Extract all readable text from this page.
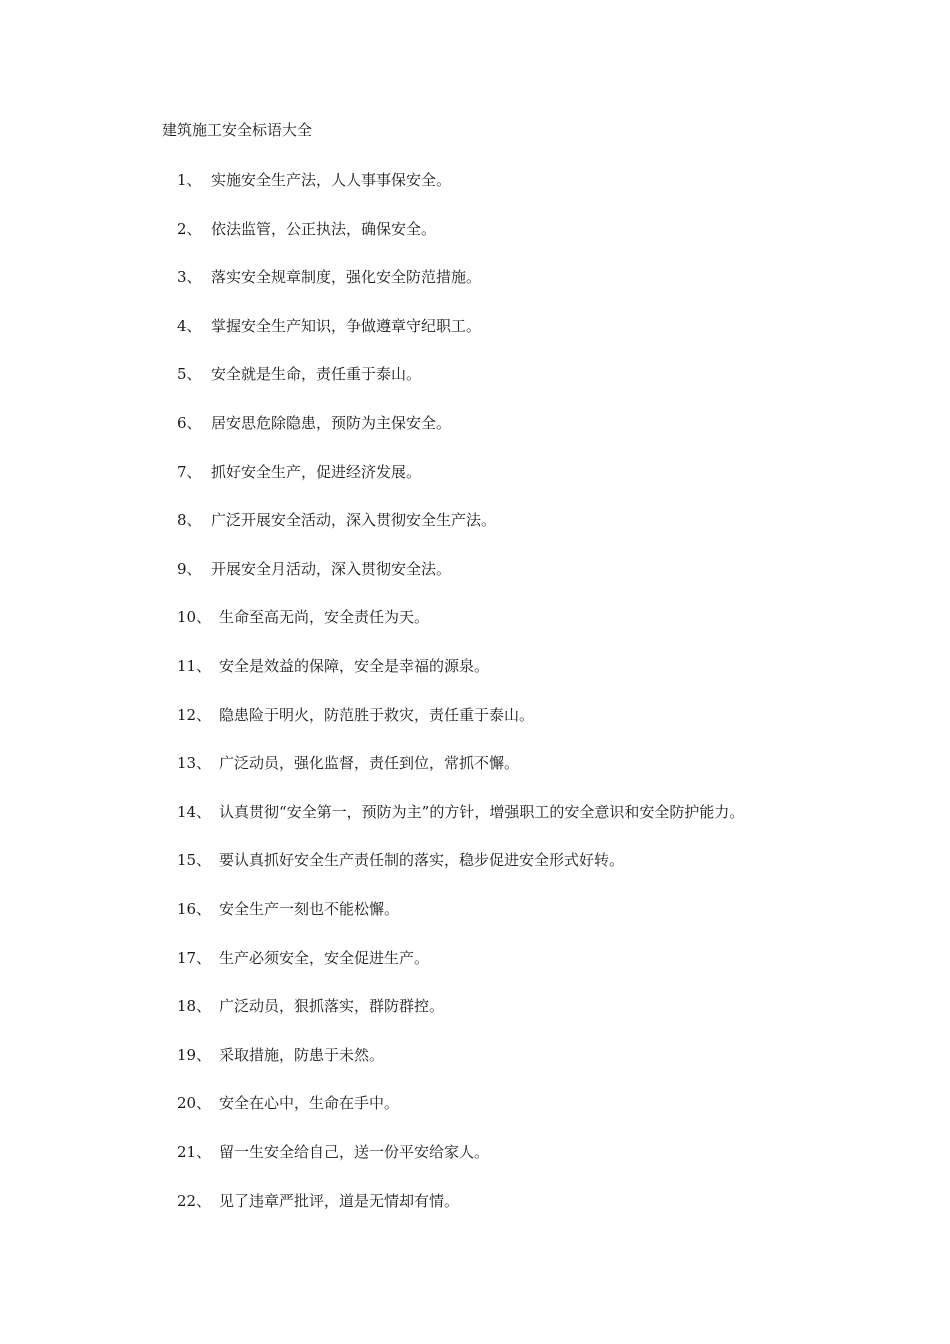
建筑施工安全标语大全
1、 实施安全生产法，人人事事保安全。
2、 依法监管，公正执法，确保安全。
3、 落实安全规章制度，强化安全防范措施。
4、 掌握安全生产知识，争做遵章守纪职工。
5、 安全就是生命，责任重于泰山。
6、 居安思危除隐患，预防为主保安全。
7、 抓好安全生产，促进经济发展。
8、 广泛开展安全活动，深入贯彻安全生产法。
9、 开展安全月活动，深入贯彻安全法。
10、 生命至高无尚，安全责任为天。
11、 安全是效益的保障，安全是幸福的源泉。
12、 隐患险于明火，防范胜于救灾，责任重于泰山。
13、 广泛动员，强化监督，责任到位，常抓不懈。
14、 认真贯彻“安全第一，预防为主”的方针，增强职工的安全意识和安全防护能力。
15、 要认真抓好安全生产责任制的落实，稳步促进安全形式好转。
16、 安全生产一刻也不能松懈。
17、 生产必须安全，安全促进生产。
18、 广泛动员，狠抓落实，群防群控。
19、 采取措施，防患于未然。
20、 安全在心中，生命在手中。
21、 留一生安全给自己，送一份平安给家人。
22、 见了违章严批评，道是无情却有情。
